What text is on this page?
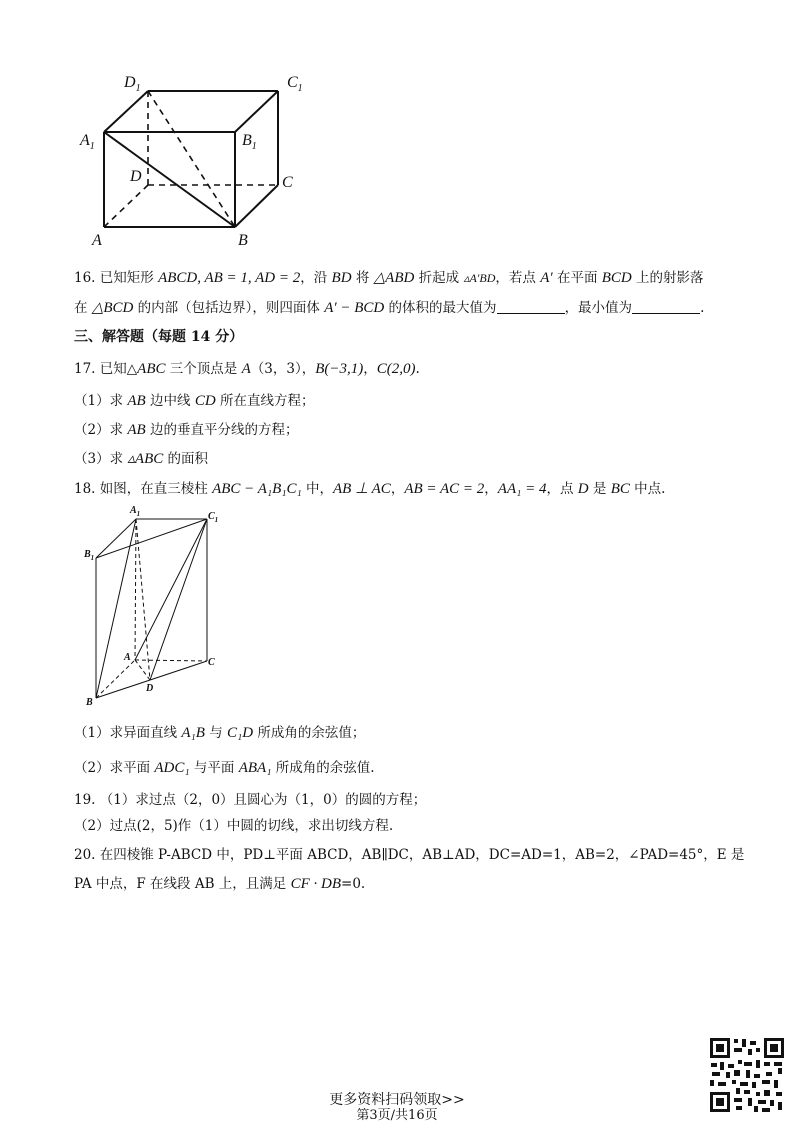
$D_1$	$C_1$
$A_1$	$B_1$
D	C
A	B
16. 已知矩形 ABCD, AB = 1, AD = 2，沿 BD 将 △ABD 折起成 ▵A′BD，若点 A′ 在平面 BCD 上的射影落
在 △BCD 的内部（包括边界），则四面体 A′ − BCD 的体积的最大值为	，最小值为	.
三、解答题（每题 14 分）
17. 已知△ABC 三个顶点是 A（3，3），B(−3,1)，C(2,0).
（1）求 AB 边中线 CD 所在直线方程；
（2）求 AB 边的垂直平分线的方程；
（3）求 ▵ABC 的面积
18. 如图，在直三棱柱 ABC − A₁B₁C₁ 中，AB ⊥ AC，AB = AC = 2，AA₁ = 4，点 D 是 BC 中点.
$A_1$	$C_1$
$B_1$
A	C
D
B
（1）求异面直线 A₁B 与 C₁D 所成角的余弦值；
（2）求平面 ADC₁ 与平面 ABA₁ 所成角的余弦值.
19. （1）求过点（2，0）且圆心为（1，0）的圆的方程；
（2）过点(2，5)作（1）中圆的切线，求出切线方程.
20. 在四棱锥 P-ABCD 中，PD⊥平面 ABCD，AB∥DC，AB⊥AD，DC=AD=1，AB=2，∠PAD=45°，E 是
PA 中点，F 在线段 AB 上，且满足 CF · DB=0.
更多资料扫码领取>>
第3页/共16页
